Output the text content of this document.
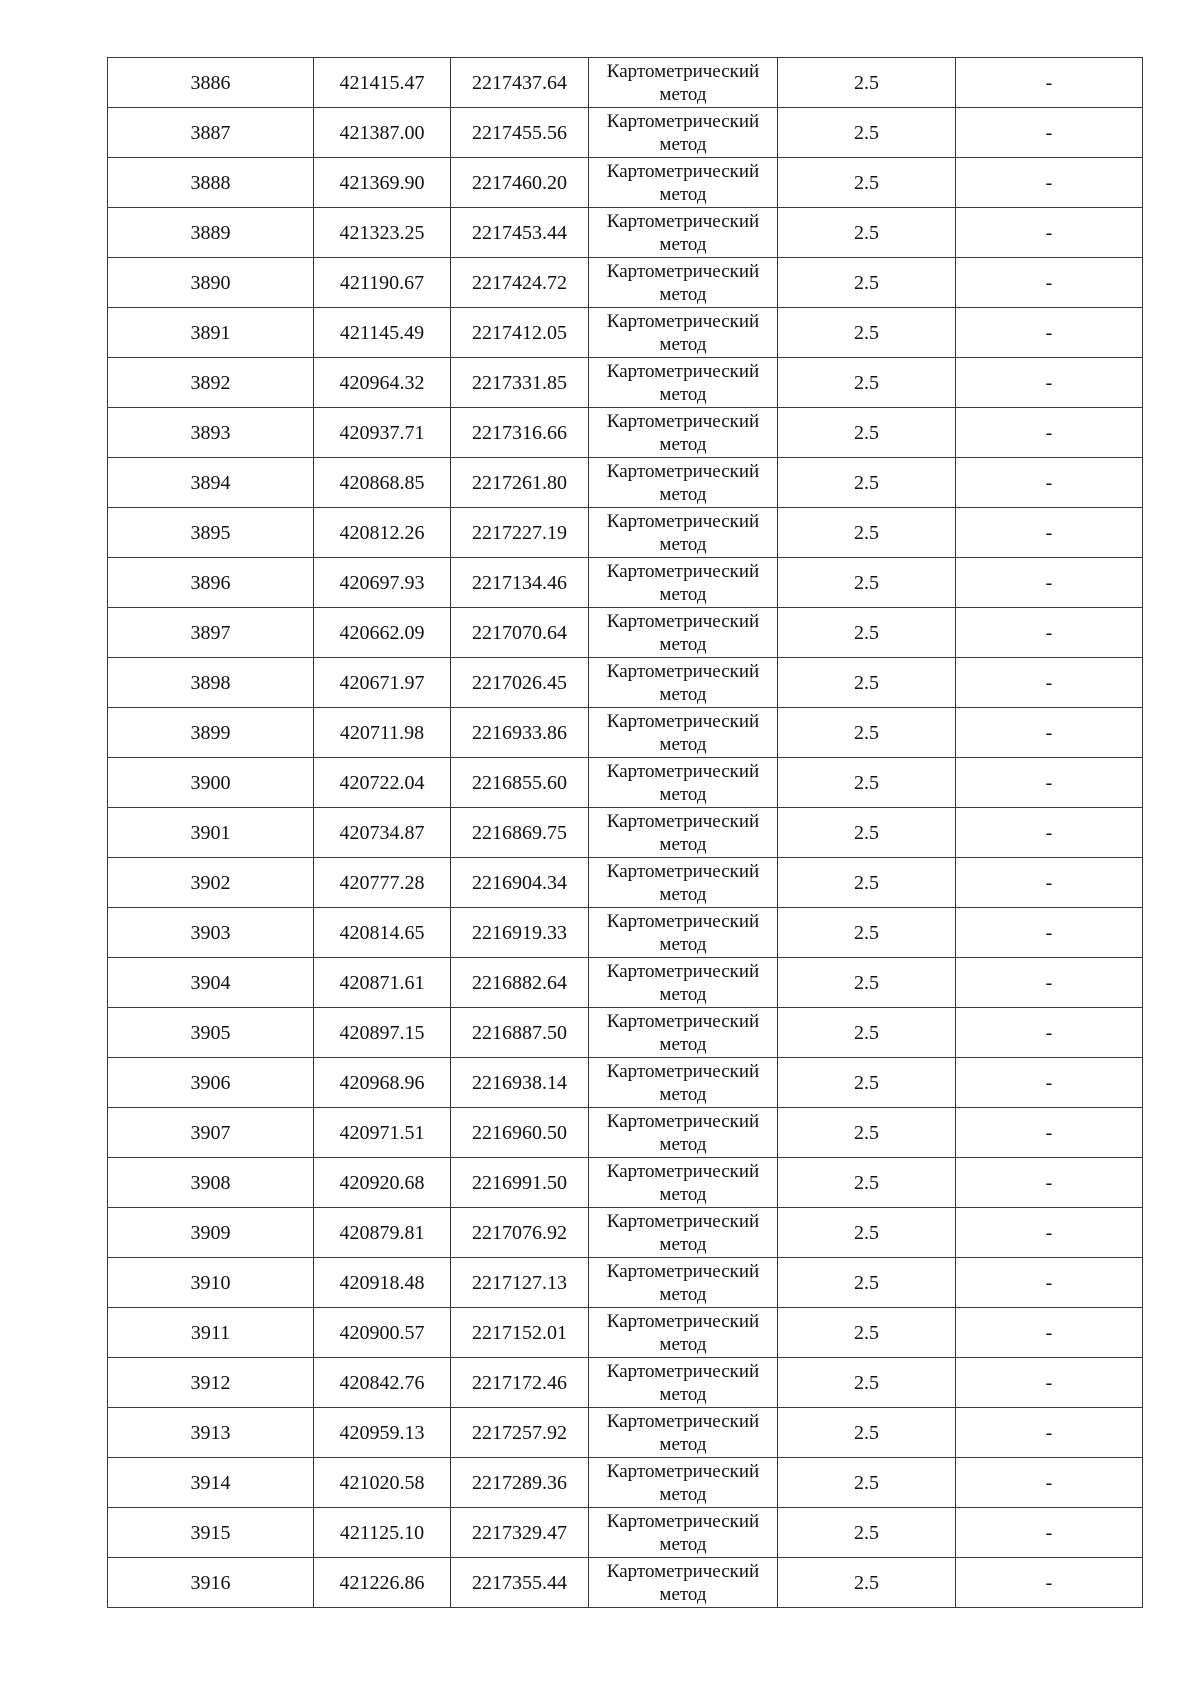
3886	421415.47	2217437.64	Картометрический
метод	2.5	-
3887	421387.00	2217455.56	Картометрический
метод	2.5	-
3888	421369.90	2217460.20	Картометрический
метод	2.5	-
3889	421323.25	2217453.44	Картометрический
метод	2.5	-
3890	421190.67	2217424.72	Картометрический
метод	2.5	-
3891	421145.49	2217412.05	Картометрический
метод	2.5	-
3892	420964.32	2217331.85	Картометрический
метод	2.5	-
3893	420937.71	2217316.66	Картометрический
метод	2.5	-
3894	420868.85	2217261.80	Картометрический
метод	2.5	-
3895	420812.26	2217227.19	Картометрический
метод	2.5	-
3896	420697.93	2217134.46	Картометрический
метод	2.5	-
3897	420662.09	2217070.64	Картометрический
метод	2.5	-
3898	420671.97	2217026.45	Картометрический
метод	2.5	-
3899	420711.98	2216933.86	Картометрический
метод	2.5	-
3900	420722.04	2216855.60	Картометрический
метод	2.5	-
3901	420734.87	2216869.75	Картометрический
метод	2.5	-
3902	420777.28	2216904.34	Картометрический
метод	2.5	-
3903	420814.65	2216919.33	Картометрический
метод	2.5	-
3904	420871.61	2216882.64	Картометрический
метод	2.5	-
3905	420897.15	2216887.50	Картометрический
метод	2.5	-
3906	420968.96	2216938.14	Картометрический
метод	2.5	-
3907	420971.51	2216960.50	Картометрический
метод	2.5	-
3908	420920.68	2216991.50	Картометрический
метод	2.5	-
3909	420879.81	2217076.92	Картометрический
метод	2.5	-
3910	420918.48	2217127.13	Картометрический
метод	2.5	-
3911	420900.57	2217152.01	Картометрический
метод	2.5	-
3912	420842.76	2217172.46	Картометрический
метод	2.5	-
3913	420959.13	2217257.92	Картометрический
метод	2.5	-
3914	421020.58	2217289.36	Картометрический
метод	2.5	-
3915	421125.10	2217329.47	Картометрический
метод	2.5	-
3916	421226.86	2217355.44	Картометрический
метод	2.5	-
